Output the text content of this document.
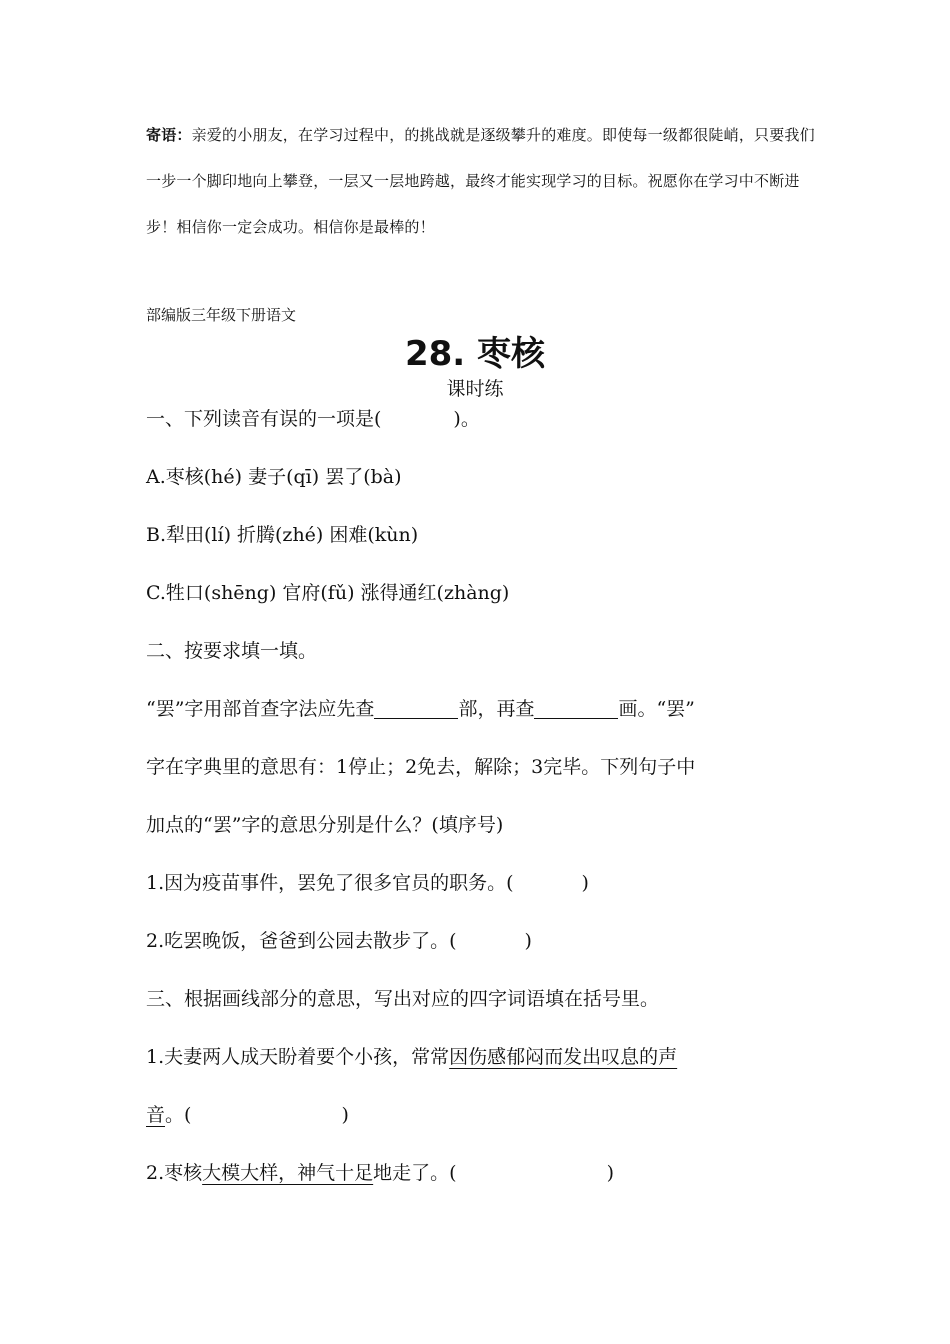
寄语：亲爱的小朋友，在学习过程中，的挑战就是逐级攀升的难度。即使每一级都很陡峭，只要我们一步一个脚印地向上攀登，一层又一层地跨越，最终才能实现学习的目标。祝愿你在学习中不断进步！相信你一定会成功。相信你是最棒的！
部编版三年级下册语文
28. 枣核
课时练
一、下列读音有误的一项是(	)。
A.枣核(hé) 妻子(qī) 罢了(bà)
B.犁田(lí) 折腾(zhé) 困难(kùn)
C.牲口(shēng) 官府(fǔ) 涨得通红(zhàng)
二、按要求填一填。
“罢”字用部首查字法应先查	部，再查	画。“罢”
字在字典里的意思有：1停止；2免去，解除；3完毕。下列句子中
加点的“罢”字的意思分别是什么？(填序号)
1.因为疫苗事件，罢免了很多官员的职务。(	)
2.吃罢晚饭，爸爸到公园去散步了。(	)
三、根据画线部分的意思，写出对应的四字词语填在括号里。
1.夫妻两人成天盼着要个小孩，常常因伤感郁闷而发出叹息的声
音。(	)
2.枣核大模大样，神气十足地走了。(	)
